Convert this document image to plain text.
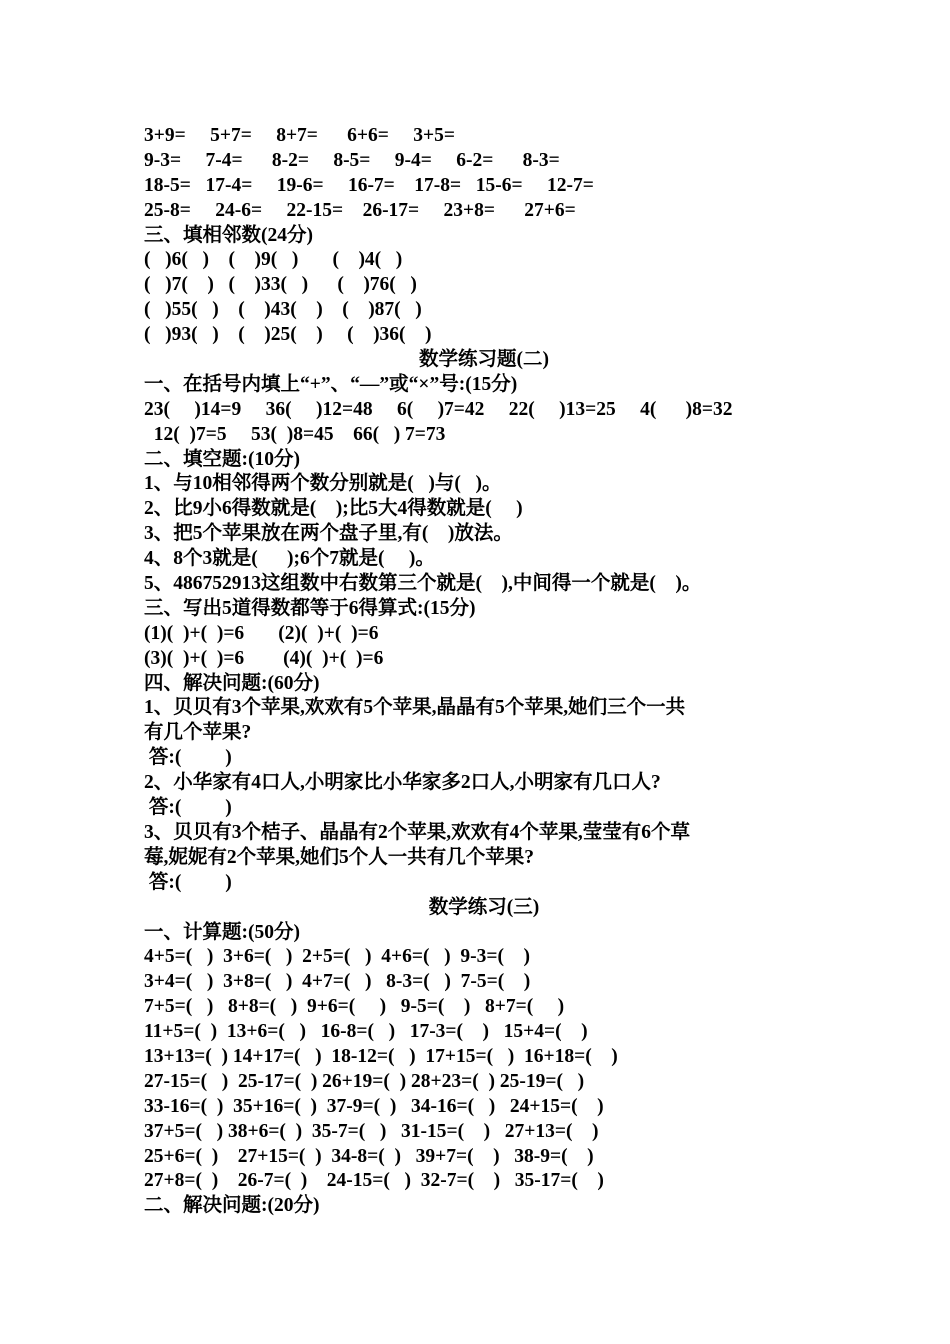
3+9=     5+7=     8+7=      6+6=     3+5=
9-3=     7-4=      8-2=     8-5=     9-4=     6-2=      8-3=
18-5=   17-4=     19-6=     16-7=    17-8=   15-6=     12-7=
25-8=     24-6=     22-15=    26-17=     23+8=      27+6=
三、填相邻数(24分)
(   )6(   )    (    )9(   )       (    )4(   )
(   )7(    )   (    )33(   )      (    )76(   )
(   )55(   )    (    )43(    )    (    )87(   )
(   )93(   )    (    )25(    )     (    )36(    )
数学练习题(二)
一、在括号内填上“+”、“—”或“×”号:(15分)
23(     )14=9     36(     )12=48     6(     )7=42     22(     )13=25     4(      )8=32
12(  )7=5     53(  )8=45    66(   ) 7=73
二、填空题:(10分)
1、与10相邻得两个数分别就是(   )与(   )。
2、比9小6得数就是(    );比5大4得数就是(     )
3、把5个苹果放在两个盘子里,有(    )放法。
4、8个3就是(      );6个7就是(     )。
5、486752913这组数中右数第三个就是(    ),中间得一个就是(    )。
三、写出5道得数都等于6得算式:(15分)
(1)(  )+(  )=6       (2)(  )+(  )=6
(3)(  )+(  )=6        (4)(  )+(  )=6
四、解决问题:(60分)
1、贝贝有3个苹果,欢欢有5个苹果,晶晶有5个苹果,她们三个一共
有几个苹果?
答:(         )
2、小华家有4口人,小明家比小华家多2口人,小明家有几口人?
答:(         )
3、贝贝有3个桔子、晶晶有2个苹果,欢欢有4个苹果,莹莹有6个草
莓,妮妮有2个苹果,她们5个人一共有几个苹果?
答:(         )
数学练习(三)
一、计算题:(50分)
4+5=(   )  3+6=(   )  2+5=(   )  4+6=(   )  9-3=(    )
3+4=(   )  3+8=(   )  4+7=(   )   8-3=(   )  7-5=(    )
7+5=(   )   8+8=(   )  9+6=(     )   9-5=(    )   8+7=(     )
11+5=(  )  13+6=(   )   16-8=(   )   17-3=(    )   15+4=(    )
13+13=(  ) 14+17=(   )  18-12=(   )  17+15=(   )  16+18=(    )
27-15=(   )  25-17=(  ) 26+19=(  ) 28+23=(  ) 25-19=(   )
33-16=(  )  35+16=(  )  37-9=(  )   34-16=(   )   24+15=(    )
37+5=(   ) 38+6=(  )  35-7=(   )   31-15=(    )   27+13=(    )
25+6=(  )    27+15=(  )  34-8=(  )   39+7=(    )   38-9=(    )
27+8=(  )    26-7=(  )    24-15=(   )  32-7=(    )   35-17=(    )
二、解决问题:(20分)
